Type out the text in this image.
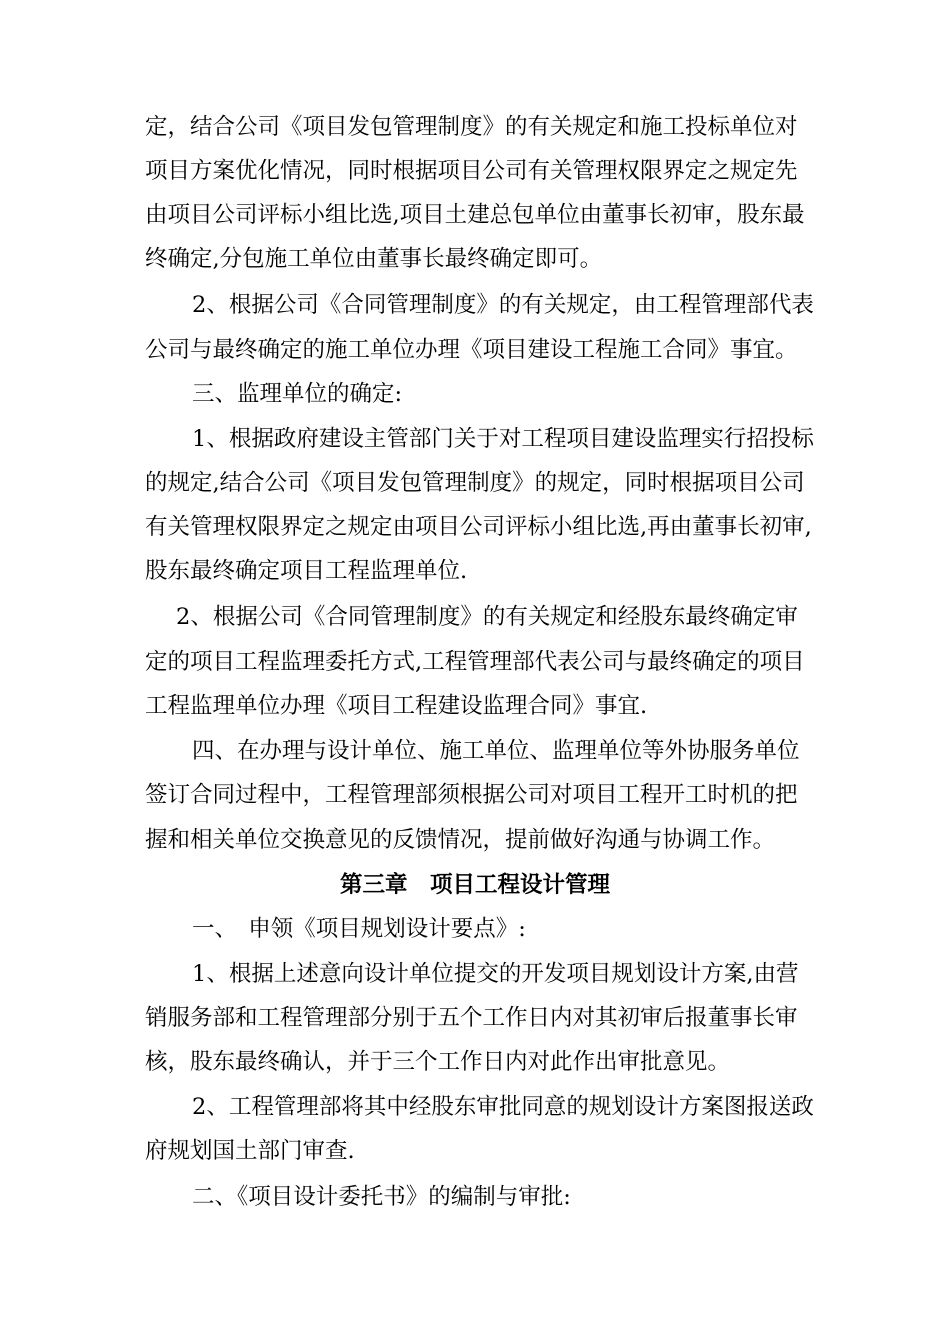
定，结合公司《项目发包管理制度》的有关规定和施工投标单位对
项目方案优化情况，同时根据项目公司有关管理权限界定之规定先
由项目公司评标小组比选,项目土建总包单位由董事长初审，股东最
终确定,分包施工单位由董事长最终确定即可。
2、根据公司《合同管理制度》的有关规定，由工程管理部代表
公司与最终确定的施工单位办理《项目建设工程施工合同》事宜。
三、监理单位的确定:
1、根据政府建设主管部门关于对工程项目建设监理实行招投标
的规定,结合公司《项目发包管理制度》的规定，同时根据项目公司
有关管理权限界定之规定由项目公司评标小组比选,再由董事长初审,
股东最终确定项目工程监理单位.
2、根据公司《合同管理制度》的有关规定和经股东最终确定审
定的项目工程监理委托方式,工程管理部代表公司与最终确定的项目
工程监理单位办理《项目工程建设监理合同》事宜.
四、在办理与设计单位、施工单位、监理单位等外协服务单位
签订合同过程中，工程管理部须根据公司对项目工程开工时机的把
握和相关单位交换意见的反馈情况，提前做好沟通与协调工作。
第三章　项目工程设计管理
一、　申领《项目规划设计要点》:
1、根据上述意向设计单位提交的开发项目规划设计方案,由营
销服务部和工程管理部分别于五个工作日内对其初审后报董事长审
核，股东最终确认，并于三个工作日内对此作出审批意见。
2、工程管理部将其中经股东审批同意的规划设计方案图报送政
府规划国土部门审查.
二、《项目设计委托书》的编制与审批:
